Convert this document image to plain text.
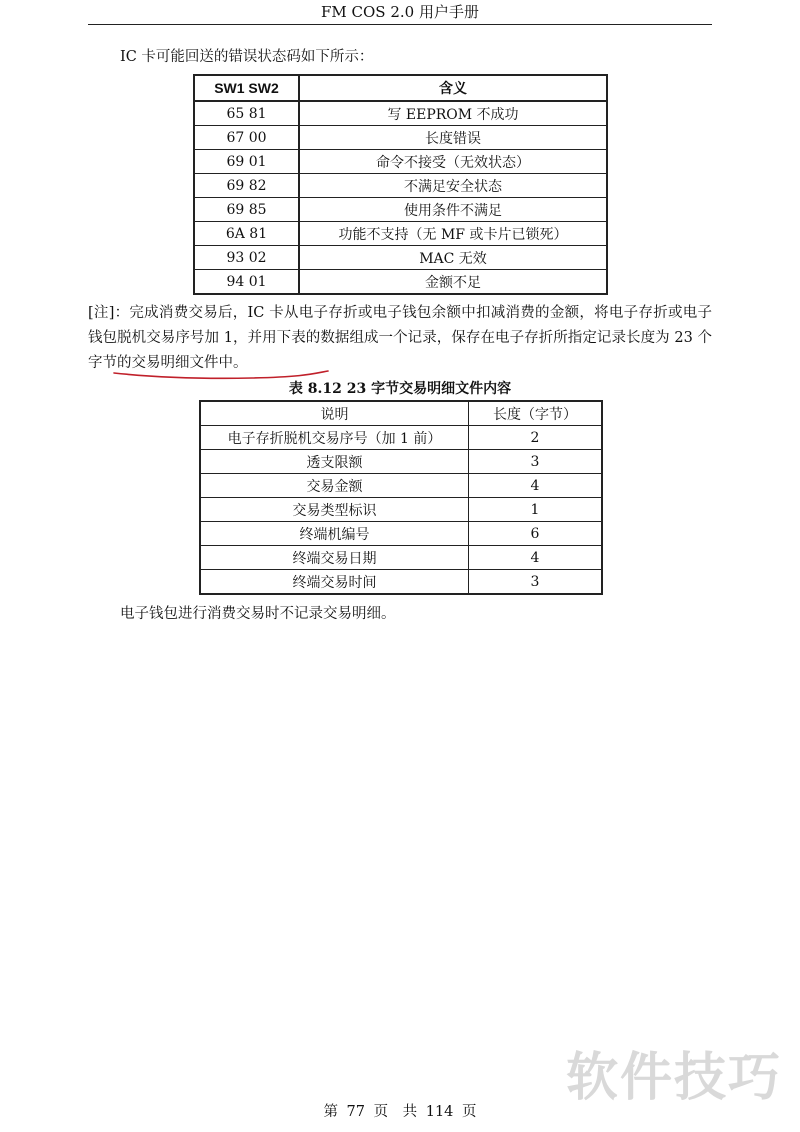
FM COS 2.0 用户手册
IC 卡可能回送的错误状态码如下所示：
SW1 SW2	含义
65 81	写 EEPROM 不成功
67 00	长度错误
69 01	命令不接受（无效状态）
69 82	不满足安全状态
69 85	使用条件不满足
6A 81	功能不支持（无 MF 或卡片已锁死）
93 02	MAC 无效
94 01	金额不足
[注]：完成消费交易后，IC 卡从电子存折或电子钱包余额中扣减消费的金额，将电子存折或电子钱包脱机交易序号加 1，并用下表的数据组成一个记录，保存在电子存折所指定记录长度为 23 个字节的交易明细文件中。
表 8.12 23 字节交易明细文件内容
说明	长度（字节）
电子存折脱机交易序号（加 1 前）	2
透支限额	3
交易金额	4
交易类型标识	1
终端机编号	6
终端交易日期	4
终端交易时间	3
电子钱包进行消费交易时不记录交易明细。
软件技巧
第 77 页　共 114 页
